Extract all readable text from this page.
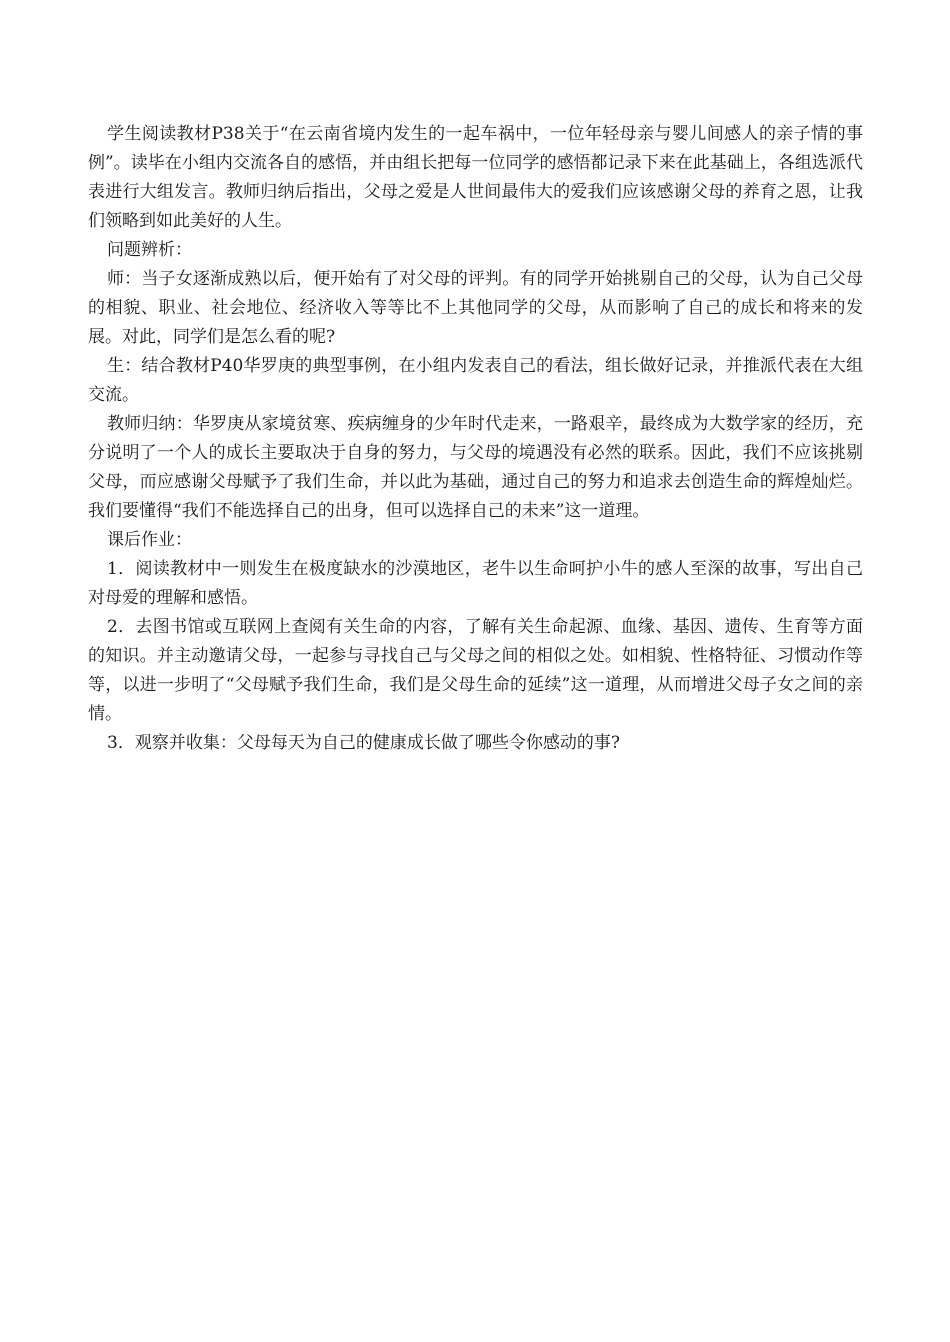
学生阅读教材P38关于“在云南省境内发生的一起车祸中，一位年轻母亲与婴儿间感人的亲子情的事例”。读毕在小组内交流各自的感悟，并由组长把每一位同学的感悟都记录下来在此基础上，各组选派代表进行大组发言。教师归纳后指出，父母之爱是人世间最伟大的爱我们应该感谢父母的养育之恩，让我们领略到如此美好的人生。

问题辨析：

师：当子女逐渐成熟以后，便开始有了对父母的评判。有的同学开始挑剔自己的父母，认为自己父母的相貌、职业、社会地位、经济收入等等比不上其他同学的父母，从而影响了自己的成长和将来的发展。对此，同学们是怎么看的呢?

生：结合教材P40华罗庚的典型事例，在小组内发表自己的看法，组长做好记录，并推派代表在大组交流。

教师归纳：华罗庚从家境贫寒、疾病缠身的少年时代走来，一路艰辛，最终成为大数学家的经历，充分说明了一个人的成长主要取决于自身的努力，与父母的境遇没有必然的联系。因此，我们不应该挑剔父母，而应感谢父母赋予了我们生命，并以此为基础，通过自己的努力和追求去创造生命的辉煌灿烂。我们要懂得“我们不能选择自己的出身，但可以选择自己的未来”这一道理。

课后作业：

1．阅读教材中一则发生在极度缺水的沙漠地区，老牛以生命呵护小牛的感人至深的故事，写出自己对母爱的理解和感悟。

2．去图书馆或互联网上查阅有关生命的内容，了解有关生命起源、血缘、基因、遗传、生育等方面的知识。并主动邀请父母，一起参与寻找自己与父母之间的相似之处。如相貌、性格特征、习惯动作等等，以进一步明了“父母赋予我们生命，我们是父母生命的延续”这一道理，从而增进父母子女之间的亲情。

3．观察并收集：父母每天为自己的健康成长做了哪些令你感动的事?
